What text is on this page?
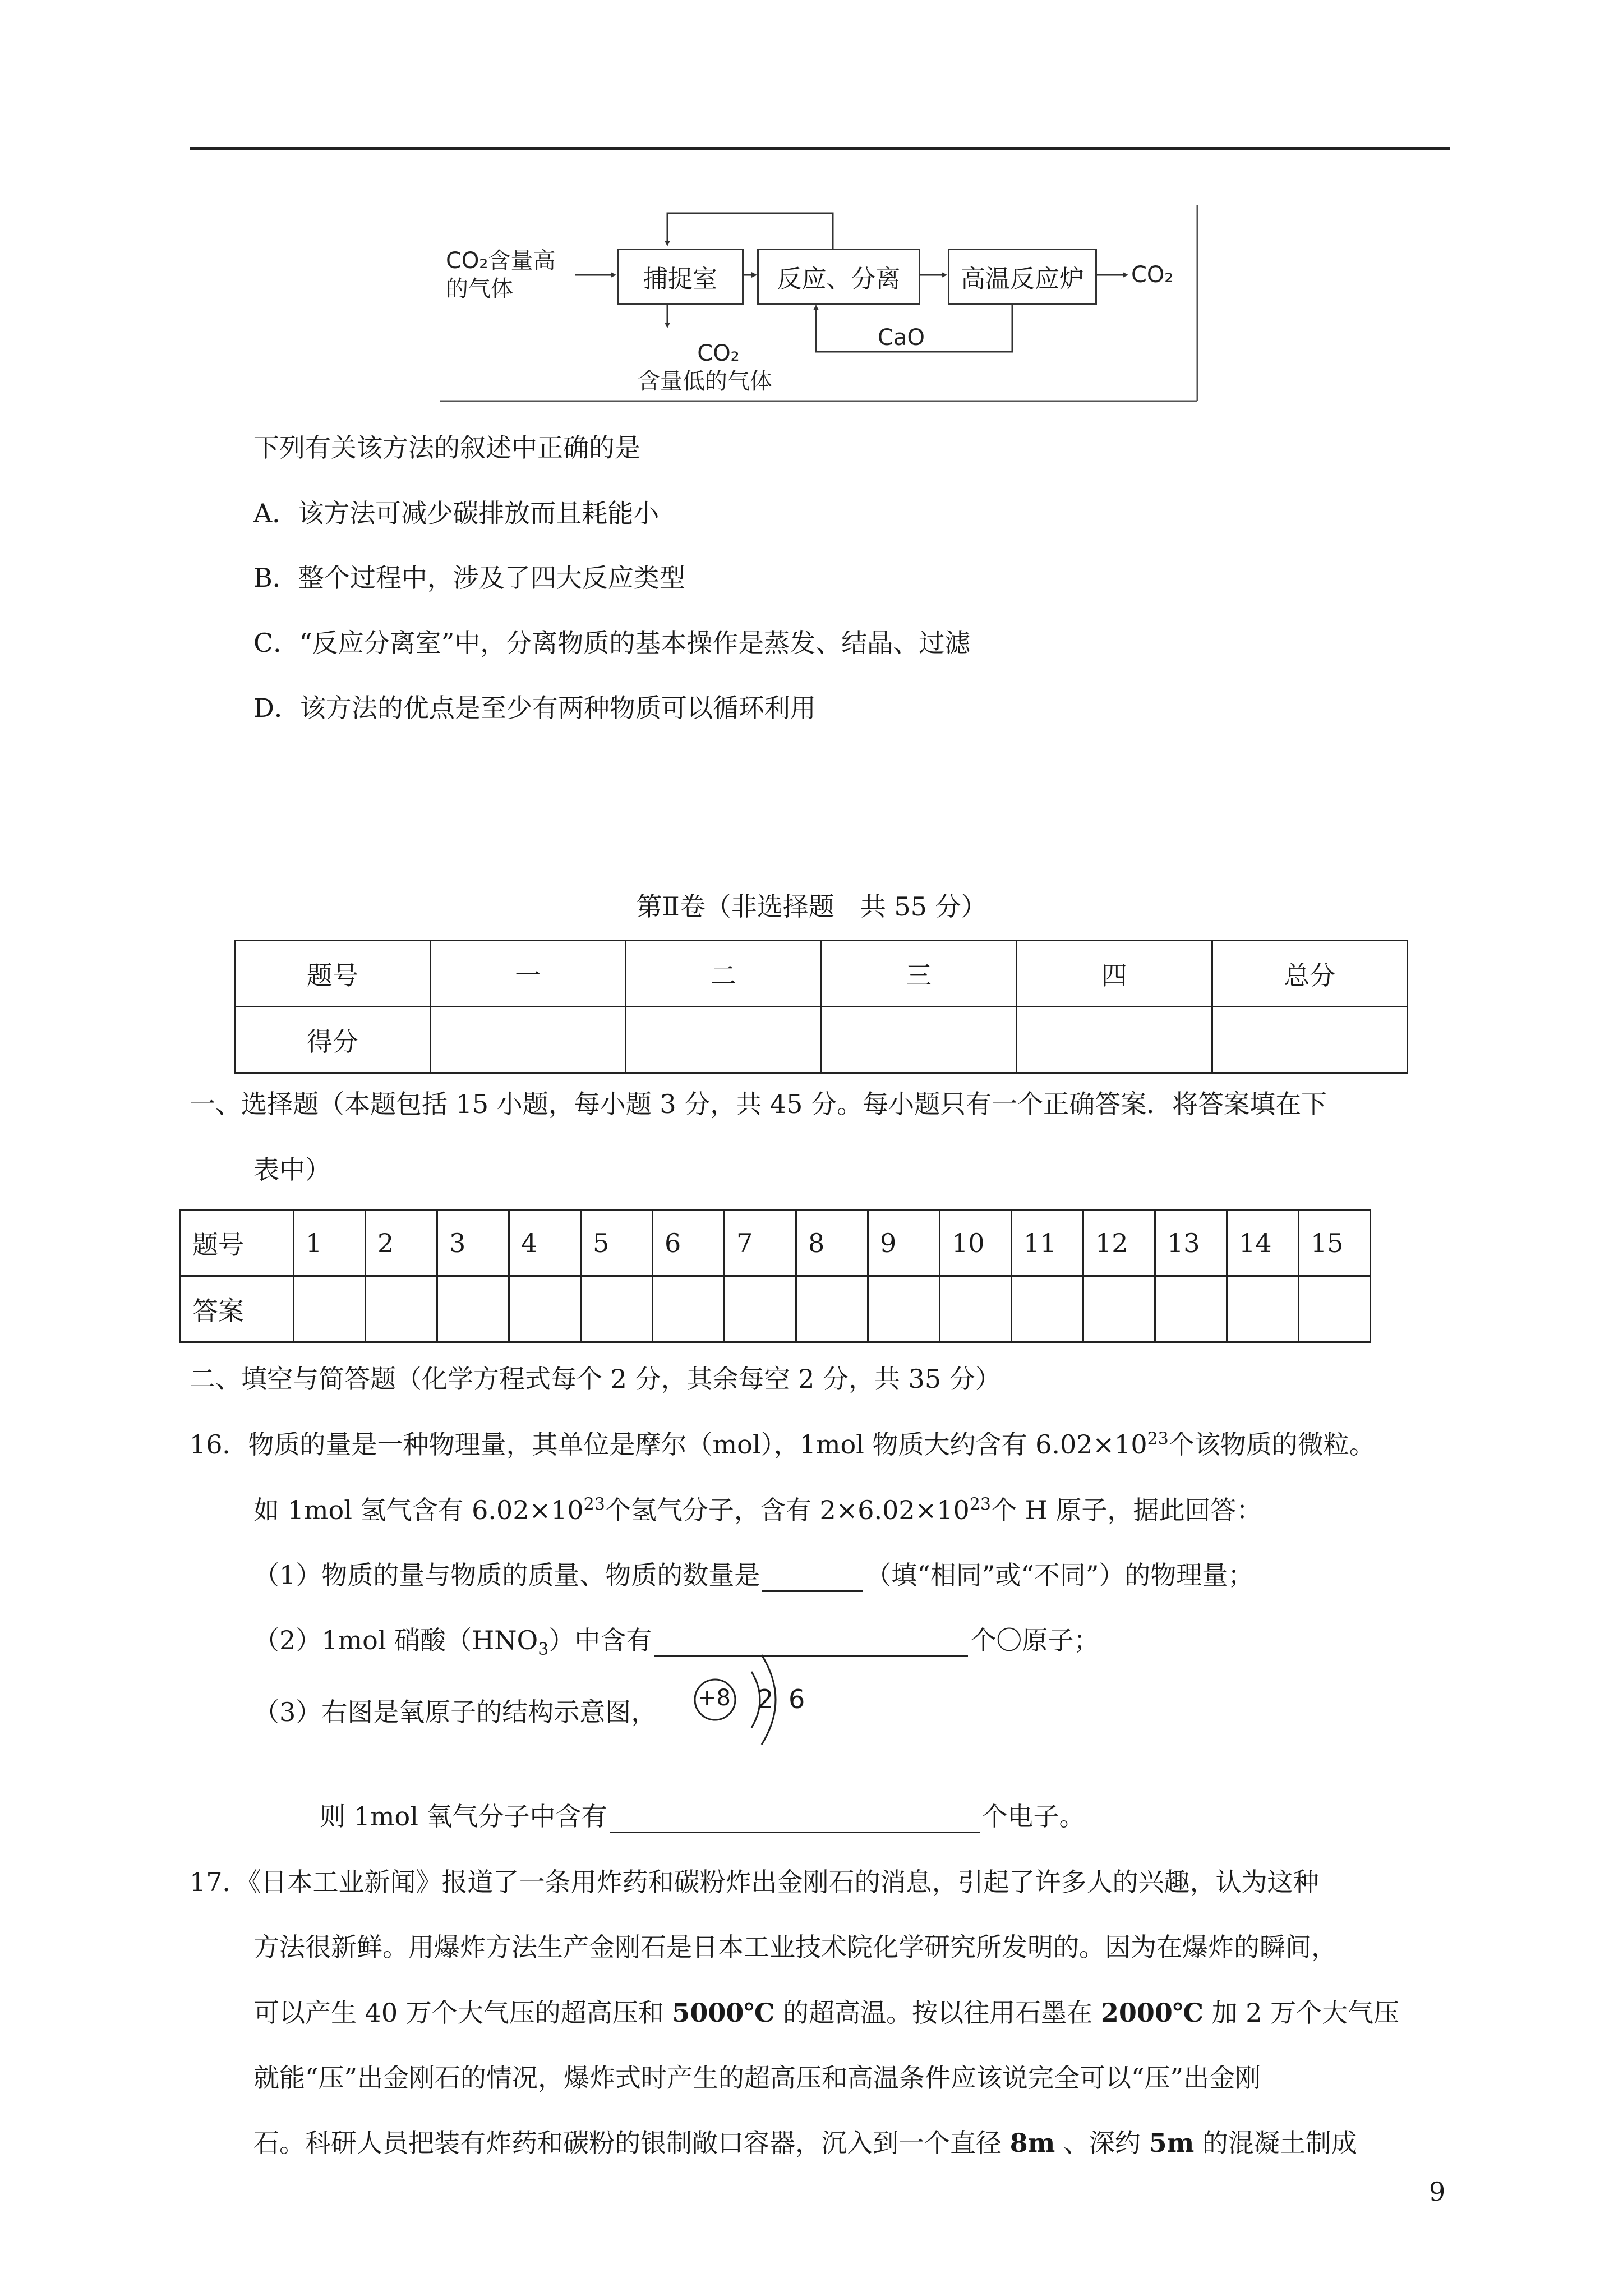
CO₂含量高
的气体	捕捉室	反应、分离	高温反应炉	CO₂
CO₂
含量低的气体
CaO
下列有关该方法的叙述中正确的是
A．该方法可减少碳排放而且耗能小
B．整个过程中，涉及了四大反应类型
C．“反应分离室”中，分离物质的基本操作是蒸发、结晶、过滤
D．该方法的优点是至少有两种物质可以循环利用
第Ⅱ卷（非选择题　共 55 分）
题号	一	二	三	四	总分
得分					
一、选择题（本题包括 15 小题，每小题 3 分，共 45 分。每小题只有一个正确答案．将答案填在下
表中）
题号	1	2	3	4	5	6	7	8	9	10	11	12	13	14	15
答案															
二、填空与简答题（化学方程式每个 2 分，其余每空 2 分，共 35 分）
16．物质的量是一种物理量，其单位是摩尔（mol），1mol 物质大约含有 $6.02\times 10^{23}$个该物质的微粒。
如 1mol 氢气含有 $6.02\times 10^{23}$个氢气分子，含有 $2\times 6.02\times 10^{23}$个 H 原子，据此回答：
（1）物质的量与物质的质量、物质的数量是	（填“相同”或“不同”）的物理量；
（2）1mol 硝酸$(HNO_3)$中含有	个〇原子；
（3）右图是氧原子的结构示意图， +8 2 6
则 1mol 氧气分子中含有	个电子。
17．《日本工业新闻》报道了一条用炸药和碳粉炸出金刚石的消息，引起了许多人的兴趣，认为这种
方法很新鲜。用爆炸方法生产金刚石是日本工业技术院化学研究所发明的。因为在爆炸的瞬间，
可以产生 40 万个大气压的超高压和 5000℃ 的超高温。按以往用石墨在 2000℃ 加 2 万个大气压
就能“压”出金刚石的情况，爆炸式时产生的超高压和高温条件应该说完全可以“压”出金刚
石。科研人员把装有炸药和碳粉的银制敞口容器，沉入到一个直径 8m 、深约 5m 的混凝土制成
9
